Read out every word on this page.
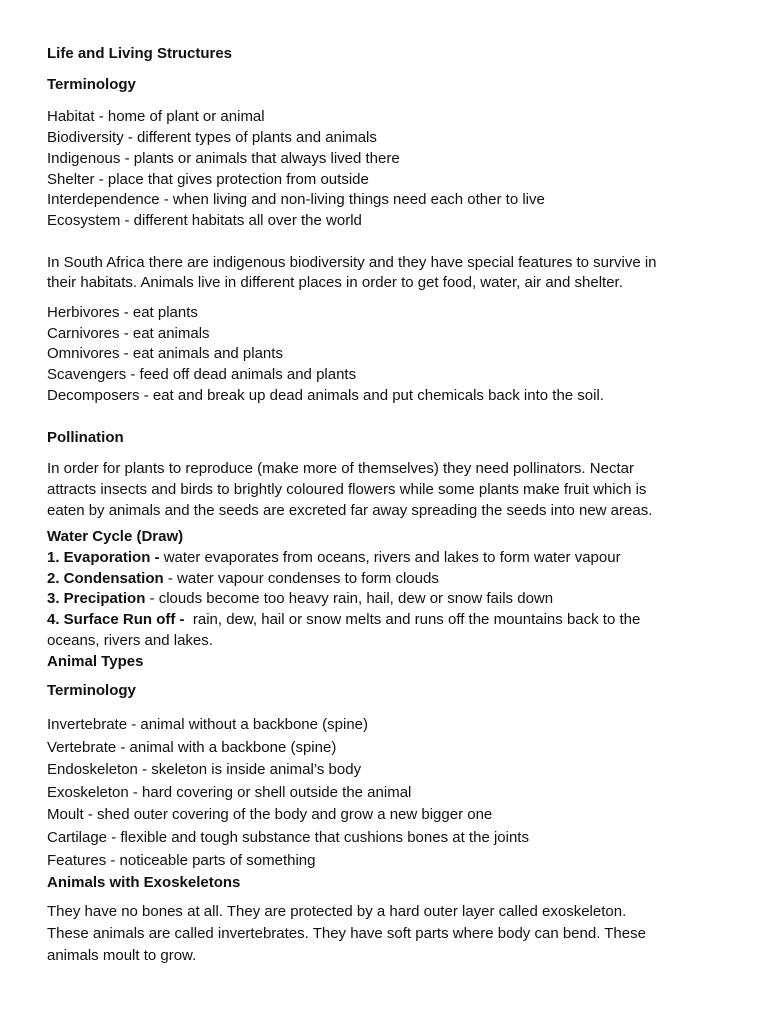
Life and Living Structures
Terminology
Habitat - home of plant or animal
Biodiversity - different types of plants and animals
Indigenous - plants or animals that always lived there
Shelter - place that gives protection from outside
Interdependence - when living and non-living things need each other to live
Ecosystem - different habitats all over the world
In South Africa there are indigenous biodiversity and they have special features to survive in
their habitats. Animals live in different places in order to get food, water, air and shelter.
Herbivores - eat plants
Carnivores - eat animals
Omnivores - eat animals and plants
Scavengers - feed off dead animals and plants
Decomposers - eat and break up dead animals and put chemicals back into the soil.
Pollination
In order for plants to reproduce (make more of themselves) they need pollinators. Nectar
attracts insects and birds to brightly coloured flowers while some plants make fruit which is
eaten by animals and the seeds are excreted far away spreading the seeds into new areas.
Water Cycle (Draw)
1. Evaporation - water evaporates from oceans, rivers and lakes to form water vapour
2. Condensation - water vapour condenses to form clouds
3. Precipation - clouds become too heavy rain, hail, dew or snow fails down
4. Surface Run off -  rain, dew, hail or snow melts and runs off the mountains back to the
oceans, rivers and lakes.
Animal Types
Terminology
Invertebrate - animal without a backbone (spine)
Vertebrate - animal with a backbone (spine)
Endoskeleton - skeleton is inside animal’s body
Exoskeleton - hard covering or shell outside the animal
Moult - shed outer covering of the body and grow a new bigger one
Cartilage - flexible and tough substance that cushions bones at the joints
Features - noticeable parts of something
Animals with Exoskeletons
They have no bones at all. They are protected by a hard outer layer called exoskeleton.
These animals are called invertebrates. They have soft parts where body can bend. These
animals moult to grow.
